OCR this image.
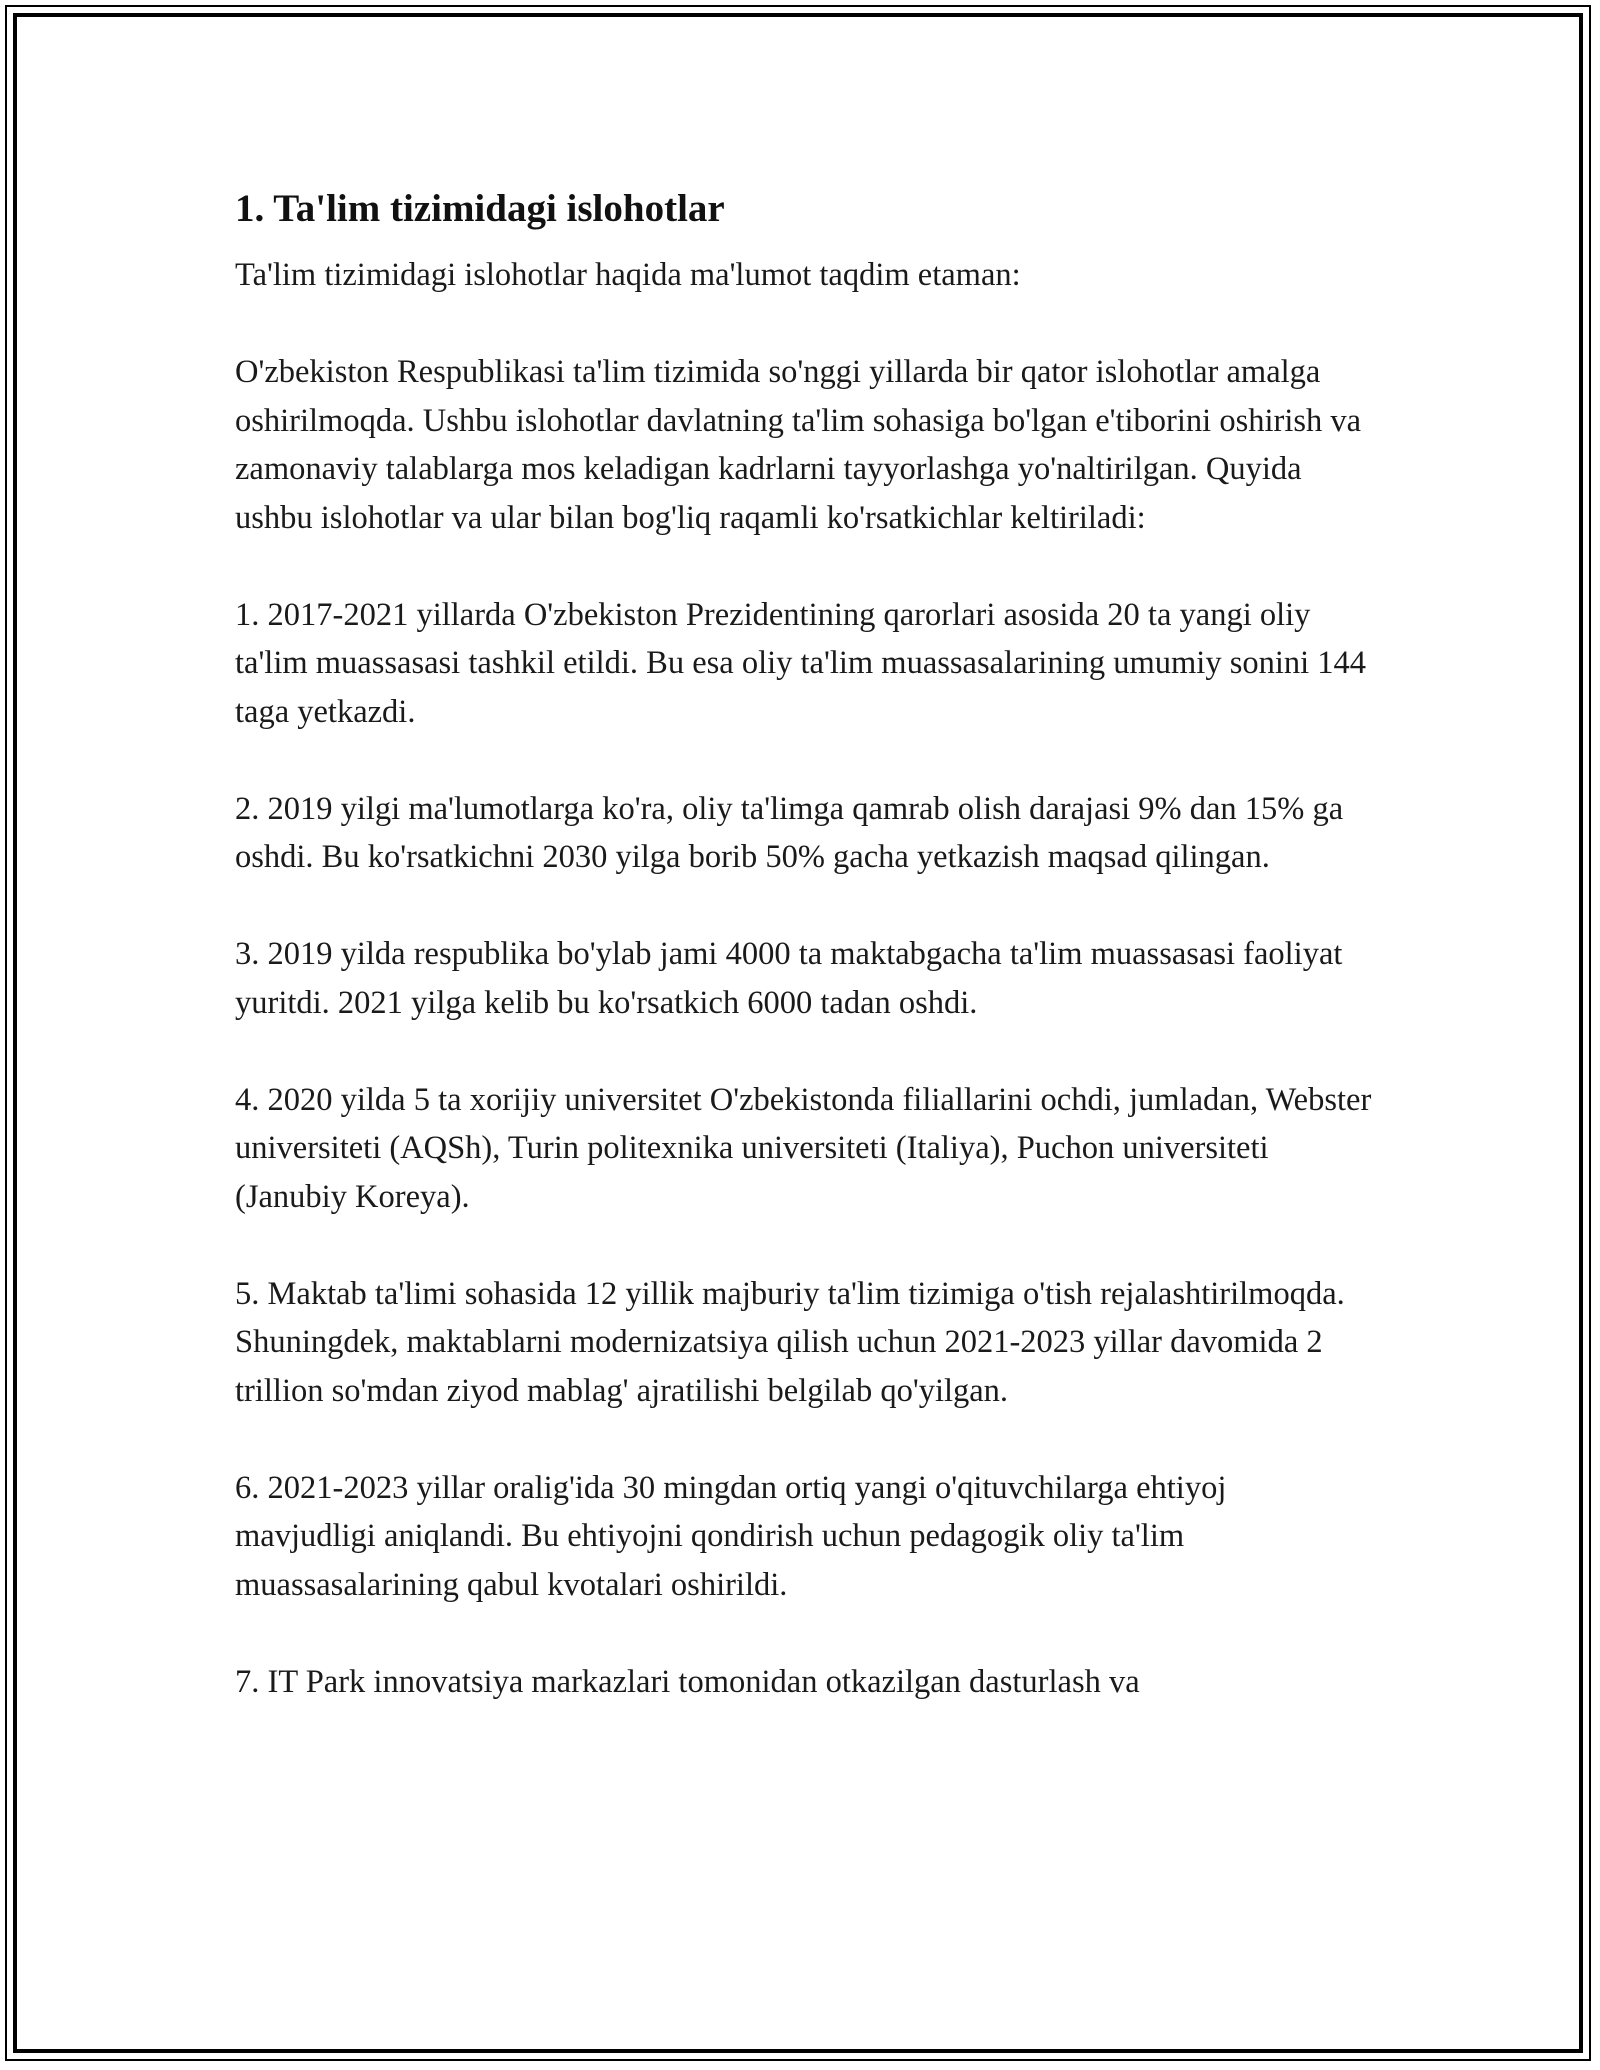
1. Ta'lim tizimidagi islohotlar

Ta'lim tizimidagi islohotlar haqida ma'lumot taqdim etaman:

O'zbekiston Respublikasi ta'lim tizimida so'nggi yillarda bir qator islohotlar amalga oshirilmoqda. Ushbu islohotlar davlatning ta'lim sohasiga bo'lgan e'tiborini oshirish va zamonaviy talablarga mos keladigan kadrlarni tayyorlashga yo'naltirilgan. Quyida ushbu islohotlar va ular bilan bog'liq raqamli ko'rsatkichlar keltiriladi:

1. 2017-2021 yillarda O'zbekiston Prezidentining qarorlari asosida 20 ta yangi oliy ta'lim muassasasi tashkil etildi. Bu esa oliy ta'lim muassasalarining umumiy sonini 144 taga yetkazdi.

2. 2019 yilgi ma'lumotlarga ko'ra, oliy ta'limga qamrab olish darajasi 9% dan 15% ga oshdi. Bu ko'rsatkichni 2030 yilga borib 50% gacha yetkazish maqsad qilingan.

3. 2019 yilda respublika bo'ylab jami 4000 ta maktabgacha ta'lim muassasasi faoliyat yuritdi. 2021 yilga kelib bu ko'rsatkich 6000 tadan oshdi.

4. 2020 yilda 5 ta xorijiy universitet O'zbekistonda filiallarini ochdi, jumladan, Webster universiteti (AQSh), Turin politexnika universiteti (Italiya), Puchon universiteti (Janubiy Koreya).

5. Maktab ta'limi sohasida 12 yillik majburiy ta'lim tizimiga o'tish rejalashtirilmoqda. Shuningdek, maktablarni modernizatsiya qilish uchun 2021-2023 yillar davomida 2 trillion so'mdan ziyod mablag' ajratilishi belgilab qo'yilgan.

6. 2021-2023 yillar oralig'ida 30 mingdan ortiq yangi o'qituvchilarga ehtiyoj mavjudligi aniqlandi. Bu ehtiyojni qondirish uchun pedagogik oliy ta'lim muassasalarining qabul kvotalari oshirildi.

7. IT Park innovatsiya markazlari tomonidan otkazilgan dasturlash va
